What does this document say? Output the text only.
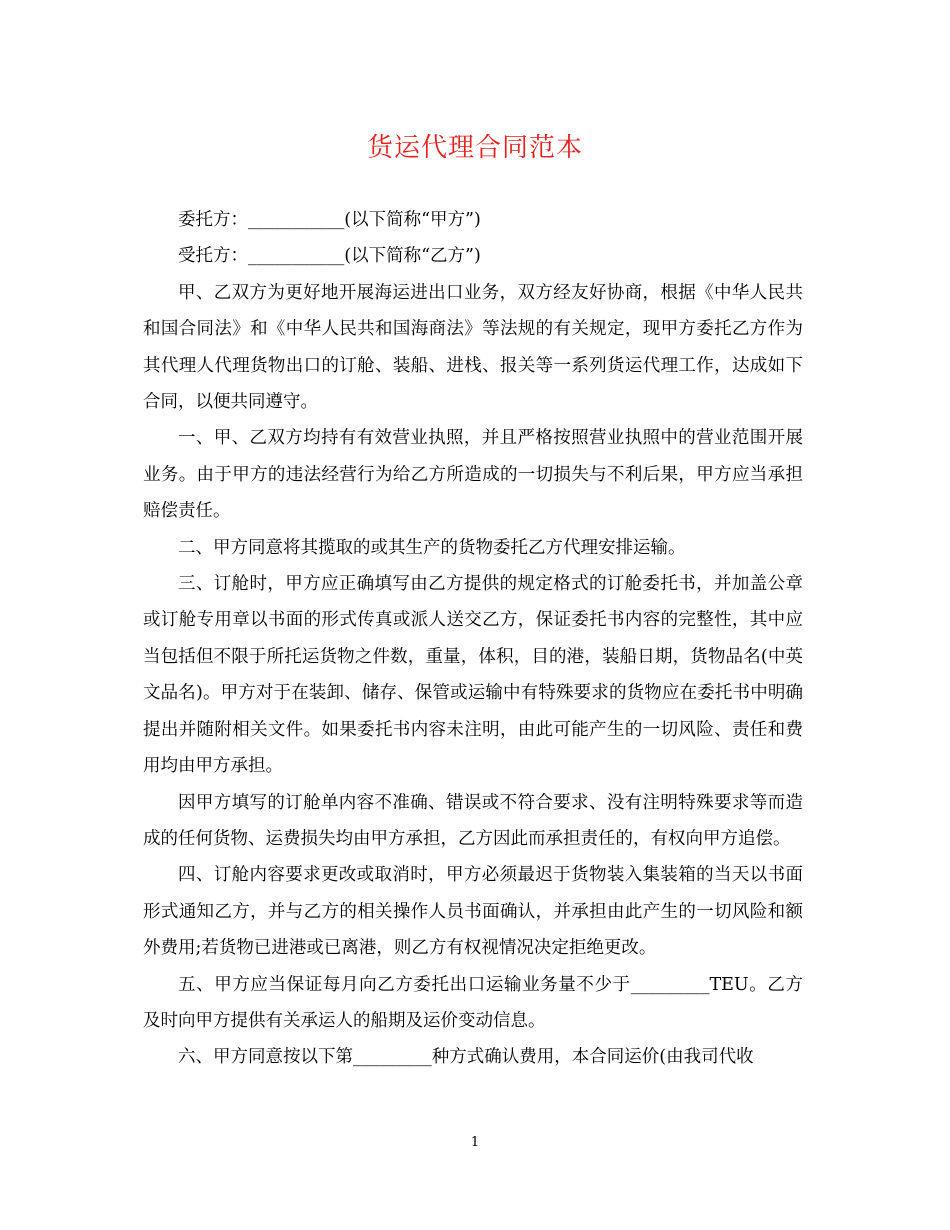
货运代理合同范本

委托方：___________(以下简称“甲方”)

受托方：___________(以下简称“乙方”)

甲、乙双方为更好地开展海运进出口业务，双方经友好协商，根据《中华人民共和国合同法》和《中华人民共和国海商法》等法规的有关规定，现甲方委托乙方作为其代理人代理货物出口的订舱、装船、进栈、报关等一系列货运代理工作，达成如下合同，以便共同遵守。

一、甲、乙双方均持有有效营业执照，并且严格按照营业执照中的营业范围开展业务。由于甲方的违法经营行为给乙方所造成的一切损失与不利后果，甲方应当承担赔偿责任。

二、甲方同意将其揽取的或其生产的货物委托乙方代理安排运输。

三、订舱时，甲方应正确填写由乙方提供的规定格式的订舱委托书，并加盖公章或订舱专用章以书面的形式传真或派人送交乙方，保证委托书内容的完整性，其中应当包括但不限于所托运货物之件数，重量，体积，目的港，装船日期，货物品名(中英文品名)。甲方对于在装卸、储存、保管或运输中有特殊要求的货物应在委托书中明确提出并随附相关文件。如果委托书内容未注明，由此可能产生的一切风险、责任和费用均由甲方承担。

因甲方填写的订舱单内容不准确、错误或不符合要求、没有注明特殊要求等而造成的任何货物、运费损失均由甲方承担，乙方因此而承担责任的，有权向甲方追偿。

四、订舱内容要求更改或取消时，甲方必须最迟于货物装入集装箱的当天以书面形式通知乙方，并与乙方的相关操作人员书面确认，并承担由此产生的一切风险和额外费用;若货物已进港或已离港，则乙方有权视情况决定拒绝更改。

五、甲方应当保证每月向乙方委托出口运输业务量不少于_________TEU。乙方及时向甲方提供有关承运人的船期及运价变动信息。

六、甲方同意按以下第_________种方式确认费用，本合同运价(由我司代收

1
